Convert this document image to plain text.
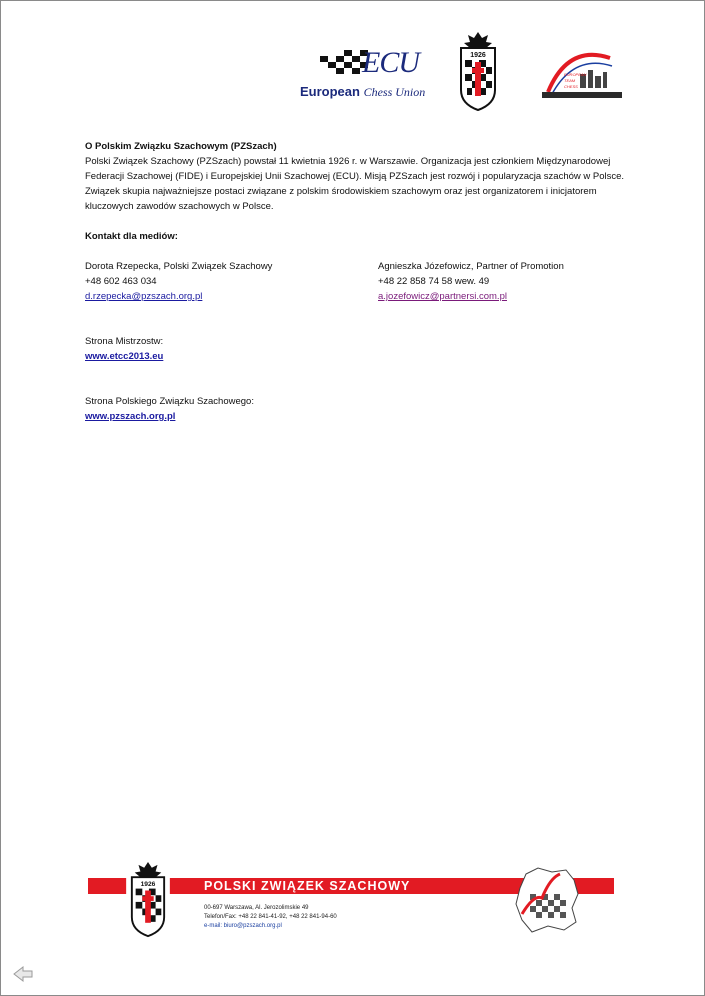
ECU
European Chess Union
1926
EUROPEAN
TEAM
CHESS

O Polskim Związku Szachowym (PZSzach)

Polski Związek Szachowy (PZSzach) powstał 11 kwietnia 1926 r. w Warszawie. Organizacja jest członkiem Międzynarodowej

Federacji Szachowej (FIDE) i Europejskiej Unii Szachowej (ECU). Misją PZSzach jest rozwój i popularyzacja szachów w Polsce.

Związek skupia najważniejsze postaci związane z polskim środowiskiem szachowym oraz jest organizatorem i inicjatorem

kluczowych zawodów szachowych w Polsce.

Kontakt dla mediów:

Dorota Rzepecka, Polski Związek Szachowy

+48 602 463 034

d.rzepecka@pzszach.org.pl

Agnieszka Józefowicz, Partner of Promotion

+48 22 858 74 58 wew. 49

a.jozefowicz@partnersi.com.pl

Strona Mistrzostw:

www.etcc2013.eu

Strona Polskiego Związku Szachowego:

www.pzszach.org.pl

POLSKI ZWIĄZEK SZACHOWY
1926
00-697 Warszawa, Al. Jerozolimskie 49
Telefon/Fax: +48 22 841-41-92, +48 22 841-94-60
e-mail: biuro@pzszach.org.pl
